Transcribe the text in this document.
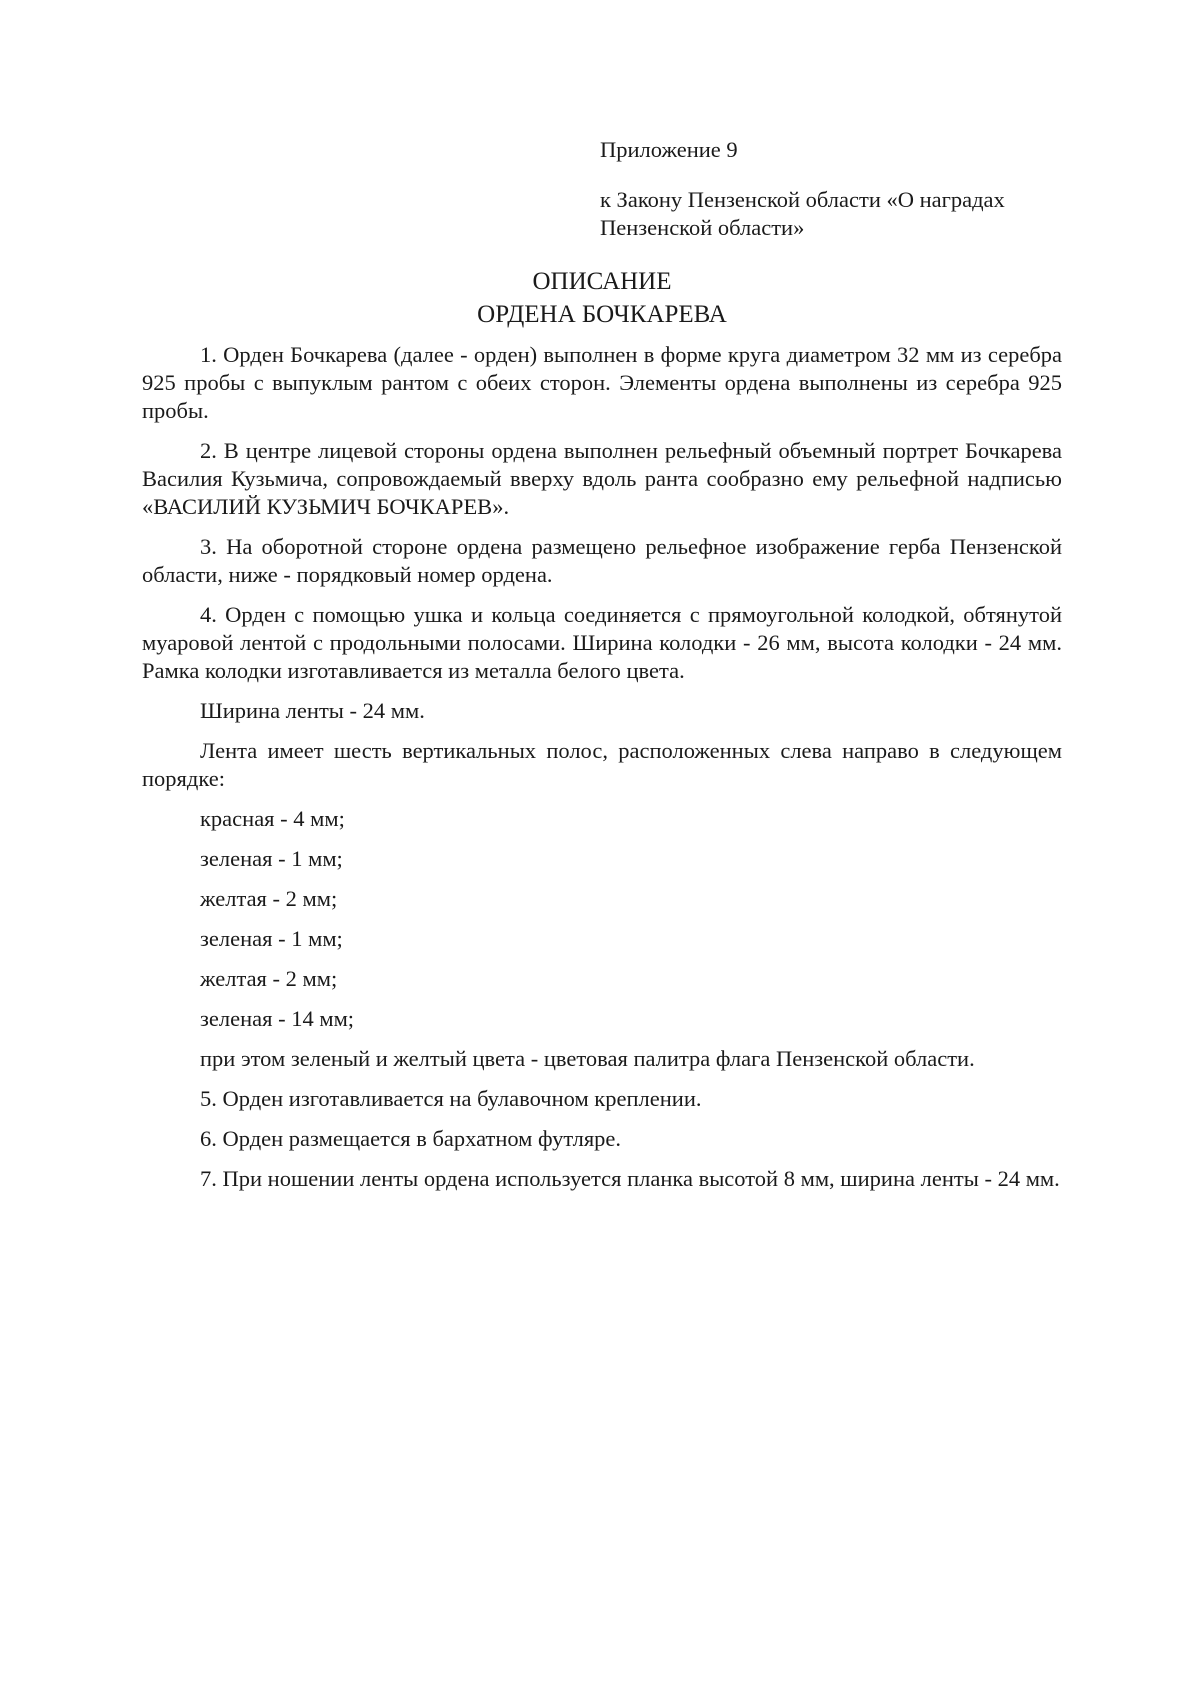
Приложение 9

к Закону Пензенской области «О наградах Пензенской области»

ОПИСАНИЕ
ОРДЕНА БОЧКАРЕВА

1. Орден Бочкарева (далее - орден) выполнен в форме круга диаметром 32 мм из серебра 925 пробы с выпуклым рантом с обеих сторон. Элементы ордена выполнены из серебра 925 пробы.

2. В центре лицевой стороны ордена выполнен рельефный объемный портрет Бочкарева Василия Кузьмича, сопровождаемый вверху вдоль ранта сообразно ему рельефной надписью «ВАСИЛИЙ КУЗЬМИЧ БОЧКАРЕВ».

3. На оборотной стороне ордена размещено рельефное изображение герба Пензенской области, ниже - порядковый номер ордена.

4. Орден с помощью ушка и кольца соединяется с прямоугольной колодкой, обтянутой муаровой лентой с продольными полосами. Ширина колодки - 26 мм, высота колодки - 24 мм. Рамка колодки изготавливается из металла белого цвета.

Ширина ленты - 24 мм.

Лента имеет шесть вертикальных полос, расположенных слева направо в следующем порядке:

красная - 4 мм;

зеленая - 1 мм;

желтая - 2 мм;

зеленая - 1 мм;

желтая - 2 мм;

зеленая - 14 мм;

при этом зеленый и желтый цвета - цветовая палитра флага Пензенской области.

5. Орден изготавливается на булавочном креплении.

6. Орден размещается в бархатном футляре.

7. При ношении ленты ордена используется планка высотой 8 мм, ширина ленты - 24 мм.
